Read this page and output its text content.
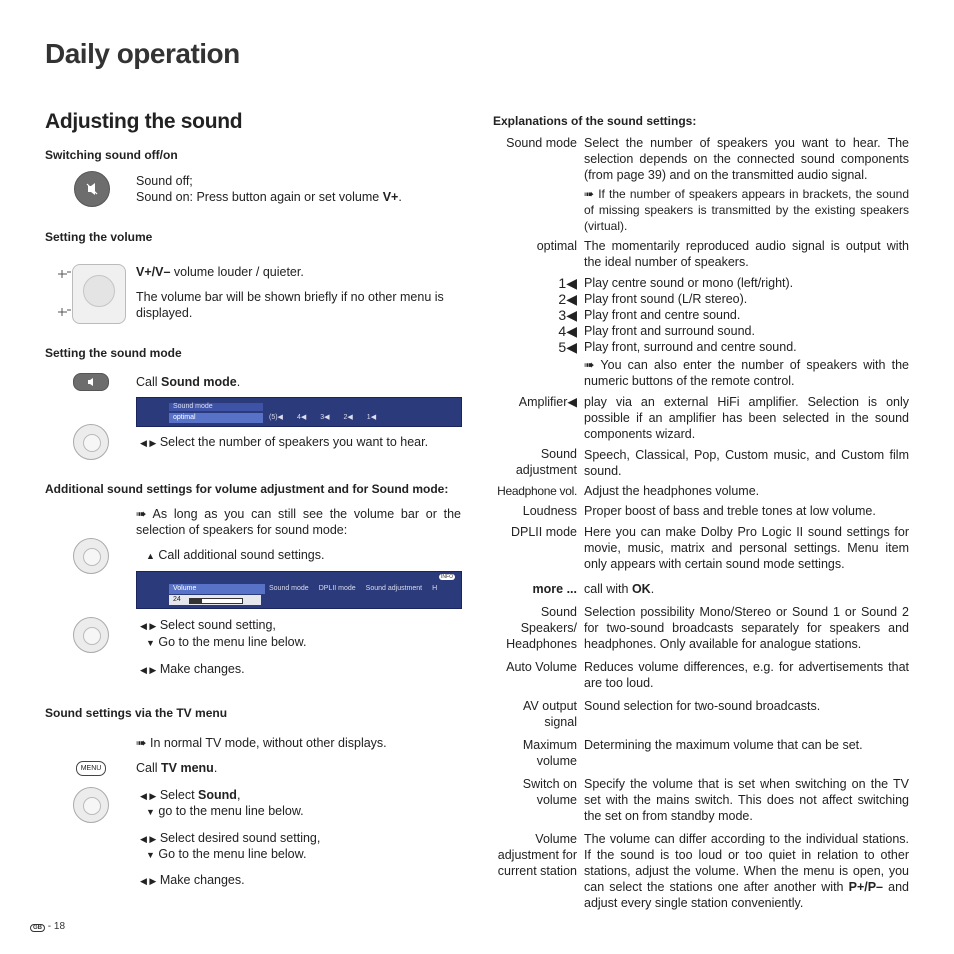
Daily operation
Adjusting the sound
Switching sound off/on
Sound off;
Sound on: Press button again or set volume V+.
Setting the volume
V+/V– volume louder / quieter.
The volume bar will be shown briefly if no other menu is displayed.
Setting the sound mode
Call Sound mode.
Sound mode
optimal	(5)◀ 4◀ 3◀ 2◀ 1◀
◀ ▶ Select the number of speakers you want to hear.
Additional sound settings for volume adjustment and for Sound mode:
➠ As long as you can still see the volume bar or the selection of speakers for sound mode:
▲ Call additional sound settings.
INFO
Volume
24
Sound mode DPLII mode Sound adjustment H
◀ ▶ Select sound setting,
▼ Go to the menu line below.
◀ ▶ Make changes.
Sound settings via the TV menu
➠ In normal TV mode, without other displays.
MENU	Call TV menu.
◀ ▶ Select Sound,
▼ go to the menu line below.
◀ ▶ Select desired sound setting,
▼ Go to the menu line below.
◀ ▶ Make changes.
GB - 18
Explanations of the sound settings:
Sound mode Select the number of speakers you want to hear. The selection depends on the connected sound components (from page 39) and on the transmitted audio signal.
➠ If the number of speakers appears in brackets, the sound of missing speakers is transmitted by the existing speakers (virtual).
optimal The momentarily reproduced audio signal is output with the ideal number of speakers.
1◀ Play centre sound or mono (left/right).
2◀ Play front sound (L/R stereo).
3◀ Play front and centre sound.
4◀ Play front and surround sound.
5◀ Play front, surround and centre sound.
➠ You can also enter the number of speakers with the numeric buttons of the remote control.
Amplifier◀ play via an external HiFi amplifier. Selection is only possible if an amplifier has been selected in the sound components wizard.
Sound
adjustment
Speech, Classical, Pop, Custom music, and Custom film sound.
Headphone vol. Adjust the headphones volume.
Loudness Proper boost of bass and treble tones at low volume.
DPLII mode Here you can make Dolby Pro Logic II sound settings for movie, music, matrix and personal settings. Menu item only appears with certain sound mode settings.
more ... call with OK.
Sound
Speakers/
Headphones
Selection possibility Mono/Stereo or Sound 1 or Sound 2 for two-sound broadcasts separately for speakers and headphones. Only available for analogue stations.
Auto Volume Reduces volume differences, e.g. for advertisements that are too loud.
AV output
signal
Sound selection for two-sound broadcasts.
Maximum
volume
Determining the maximum volume that can be set.
Switch on
volume
Specify the volume that is set when switching on the TV set with the mains switch. This does not affect switching the set on from standby mode.
Volume
adjustment for
current station
The volume can differ according to the individual stations. If the sound is too loud or too quiet in relation to other stations, adjust the volume. When the menu is open, you can select the stations one after another with P+/P– and adjust every single station conveniently.
